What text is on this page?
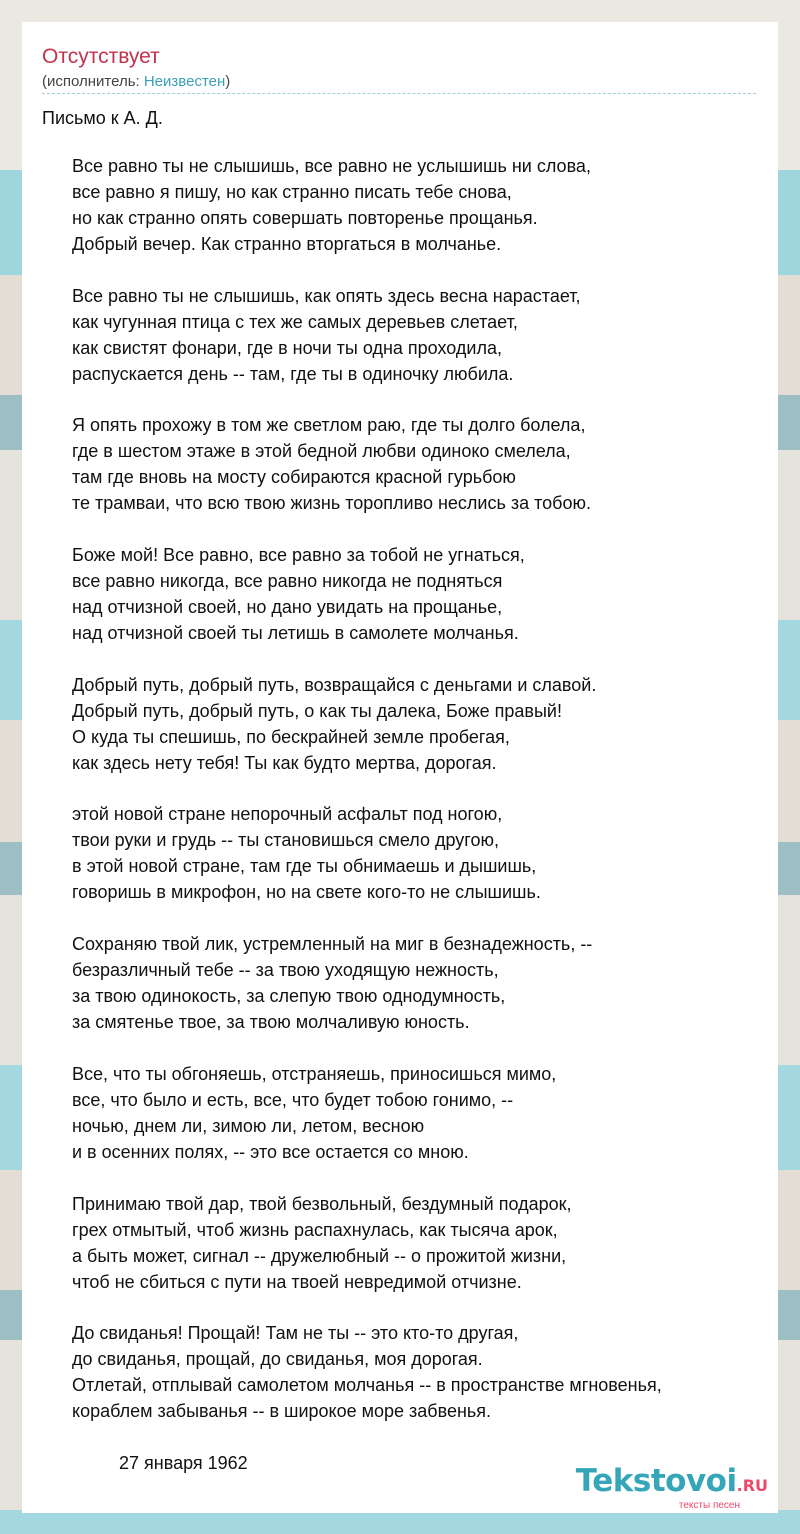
Отсутствует
(исполнитель: Неизвестен)
Письмо к А. Д.
Все равно ты не слышишь, все равно не услышишь ни слова,
все равно я пишу, но как странно писать тебе снова,
но как странно опять совершать повторенье прощанья.
Добрый вечер. Как странно вторгаться в молчанье.
Все равно ты не слышишь, как опять здесь весна нарастает,
как чугунная птица с тех же самых деревьев слетает,
как свистят фонари, где в ночи ты одна проходила,
распускается день -- там, где ты в одиночку любила.
Я опять прохожу в том же светлом раю, где ты долго болела,
где в шестом этаже в этой бедной любви одиноко смелела,
там где вновь на мосту собираются красной гурьбою
те трамваи, что всю твою жизнь торопливо неслись за тобою.
Боже мой! Все равно, все равно за тобой не угнаться,
все равно никогда, все равно никогда не подняться
над отчизной своей, но дано увидать на прощанье,
над отчизной своей ты летишь в самолете молчанья.
Добрый путь, добрый путь, возвращайся с деньгами и славой.
Добрый путь, добрый путь, о как ты далека, Боже правый!
О куда ты спешишь, по бескрайней земле пробегая,
как здесь нету тебя! Ты как будто мертва, дорогая.
этой новой стране непорочный асфальт под ногою,
твои руки и грудь -- ты становишься смело другою,
в этой новой стране, там где ты обнимаешь и дышишь,
говоришь в микрофон, но на свете кого-то не слышишь.
Сохраняю твой лик, устремленный на миг в безнадежность, --
безразличный тебе -- за твою уходящую нежность,
за твою одинокость, за слепую твою однодумность,
за смятенье твое, за твою молчаливую юность.
Все, что ты обгоняешь, отстраняешь, приносишься мимо,
все, что было и есть, все, что будет тобою гонимо, --
ночью, днем ли, зимою ли, летом, весною
и в осенних полях, -- это все остается со мною.
Принимаю твой дар, твой безвольный, бездумный подарок,
грех отмытый, чтоб жизнь распахнулась, как тысяча арок,
а быть может, сигнал -- дружелюбный -- о прожитой жизни,
чтоб не сбиться с пути на твоей невредимой отчизне.
До свиданья! Прощай! Там не ты -- это кто-то другая,
до свиданья, прощай, до свиданья, моя дорогая.
Отлетай, отплывай самолетом молчанья -- в пространстве мгновенья,
кораблем забыванья -- в широкое море забвенья.
27 января 1962	Tekstovoi.RU
тексты песен
